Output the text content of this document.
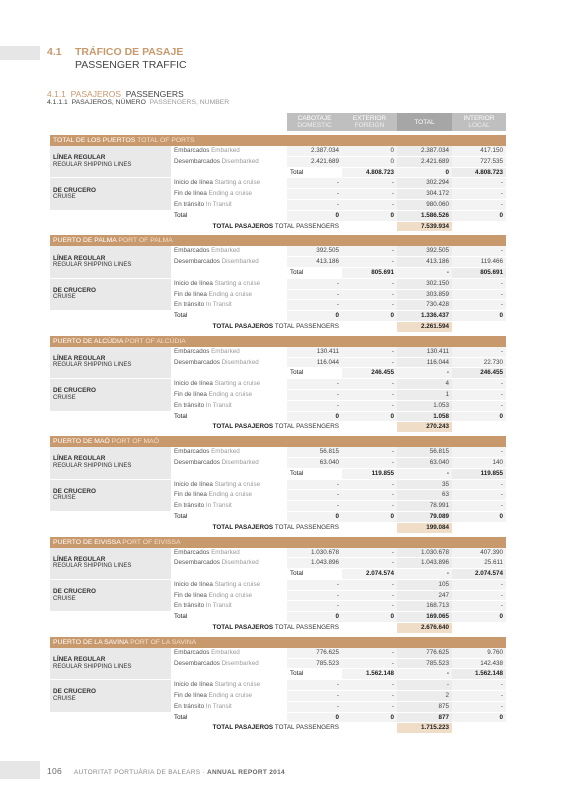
4.1 TRÁFICO DE PASAJE
PASSENGER TRAFFIC
4.1.1 PASAJEROS PASSENGERS
4.1.1.1 PASAJEROS, NÚMERO PASSENGERS, NUMBER
		CABOTAJE
DOMESTIC	EXTERIOR
FOREIGN	TOTAL	INTERIOR
LOCAL	

TOTAL DE LOS PUERTOS TOTAL OF PORTS						

LÍNEA REGULAR
REGULAR SHIPPING LINES	Embarcados Embarked	2.387.034	0	2.387.034	417.150	
	Desembarcados Disembarked	2.421.689	0	2.421.689	727.535	
		Total	4.808.723	0	4.808.723	

DE CRUCERO
CRUISE	Inicio de línea Starting a cruise	-	-	302.294	-	
	Fin de línea Ending a cruise	-	-	304.172	-	
	En tránsito In Transit	-	-	980.060	-	
	Total	0	0	1.586.526	0	
TOTAL PASAJEROS TOTAL PASSENGERS				7.539.934		

PUERTO DE PALMA PORT OF PALMA						

LÍNEA REGULAR
REGULAR SHIPPING LINES	Embarcados Embarked	392.505	-	392.505	-	
	Desembarcados Disembarked	413.186	-	413.186	119.466	
		Total	805.691	-	805.691	

DE CRUCERO
CRUISE	Inicio de línea Starting a cruise	-	-	302.150	-	
	Fin de línea Ending a cruise	-	-	303.859	-	
	En tránsito In Transit	-	-	730.428	-	
	Total	0	0	1.336.437	0	
TOTAL PASAJEROS TOTAL PASSENGERS				2.261.594		

PUERTO DE ALCÚDIA PORT OF ALCÚDIA						

LÍNEA REGULAR
REGULAR SHIPPING LINES	Embarcados Embarked	130.411	-	130.411	-	
	Desembarcados Disembarked	116.044	-	116.044	22.730	
		Total	246.455	-	246.455	

DE CRUCERO
CRUISE	Inicio de línea Starting a cruise	-	-	4	-	
	Fin de línea Ending a cruise	-	-	1	-	
	En tránsito In Transit	-	-	1.053	-	
	Total	0	0	1.058	0	
TOTAL PASAJEROS TOTAL PASSENGERS				270.243		

PUERTO DE MAÓ PORT OF MAÓ						

LÍNEA REGULAR
REGULAR SHIPPING LINES	Embarcados Embarked	56.815	-	56.815	-	
	Desembarcados Disembarked	63.040	-	63.040	140	
		Total	119.855	-	119.855	

DE CRUCERO
CRUISE	Inicio de línea Starting a cruise	-	-	35	-	
	Fin de línea Ending a cruise	-	-	63	-	
	En tránsito In Transit	-	-	78.991	-	
	Total	0	0	79.089	0	
TOTAL PASAJEROS TOTAL PASSENGERS				199.084		

PUERTO DE EIVISSA PORT OF EIVISSA						

LÍNEA REGULAR
REGULAR SHIPPING LINES	Embarcados Embarked	1.030.678	-	1.030.678	407.390	
	Desembarcados Disembarked	1.043.896	-	1.043.896	25.611	
		Total	2.074.574	-	2.074.574	

DE CRUCERO
CRUISE	Inicio de línea Starting a cruise	-	-	105	-	
	Fin de línea Ending a cruise	-	-	247	-	
	En tránsito In Transit	-	-	168.713	-	
	Total	0	0	169.065	0	
TOTAL PASAJEROS TOTAL PASSENGERS				2.676.640		

PUERTO DE LA SAVINA PORT OF LA SAVINA						

LÍNEA REGULAR
REGULAR SHIPPING LINES	Embarcados Embarked	776.625	-	776.625	9.760	
	Desembarcados Disembarked	785.523	-	785.523	142.438	
		Total	1.562.148	-	1.562.148	

DE CRUCERO
CRUISE	Inicio de línea Starting a cruise	-	-	-	-	
	Fin de línea Ending a cruise	-	-	2	-	
	En tránsito In Transit	-	-	875	-	
	Total	0	0	877	0	
TOTAL PASAJEROS TOTAL PASSENGERS				1.715.223		
106 AUTORITAT PORTUÀRIA DE BALEARS · ANNUAL REPORT 2014
